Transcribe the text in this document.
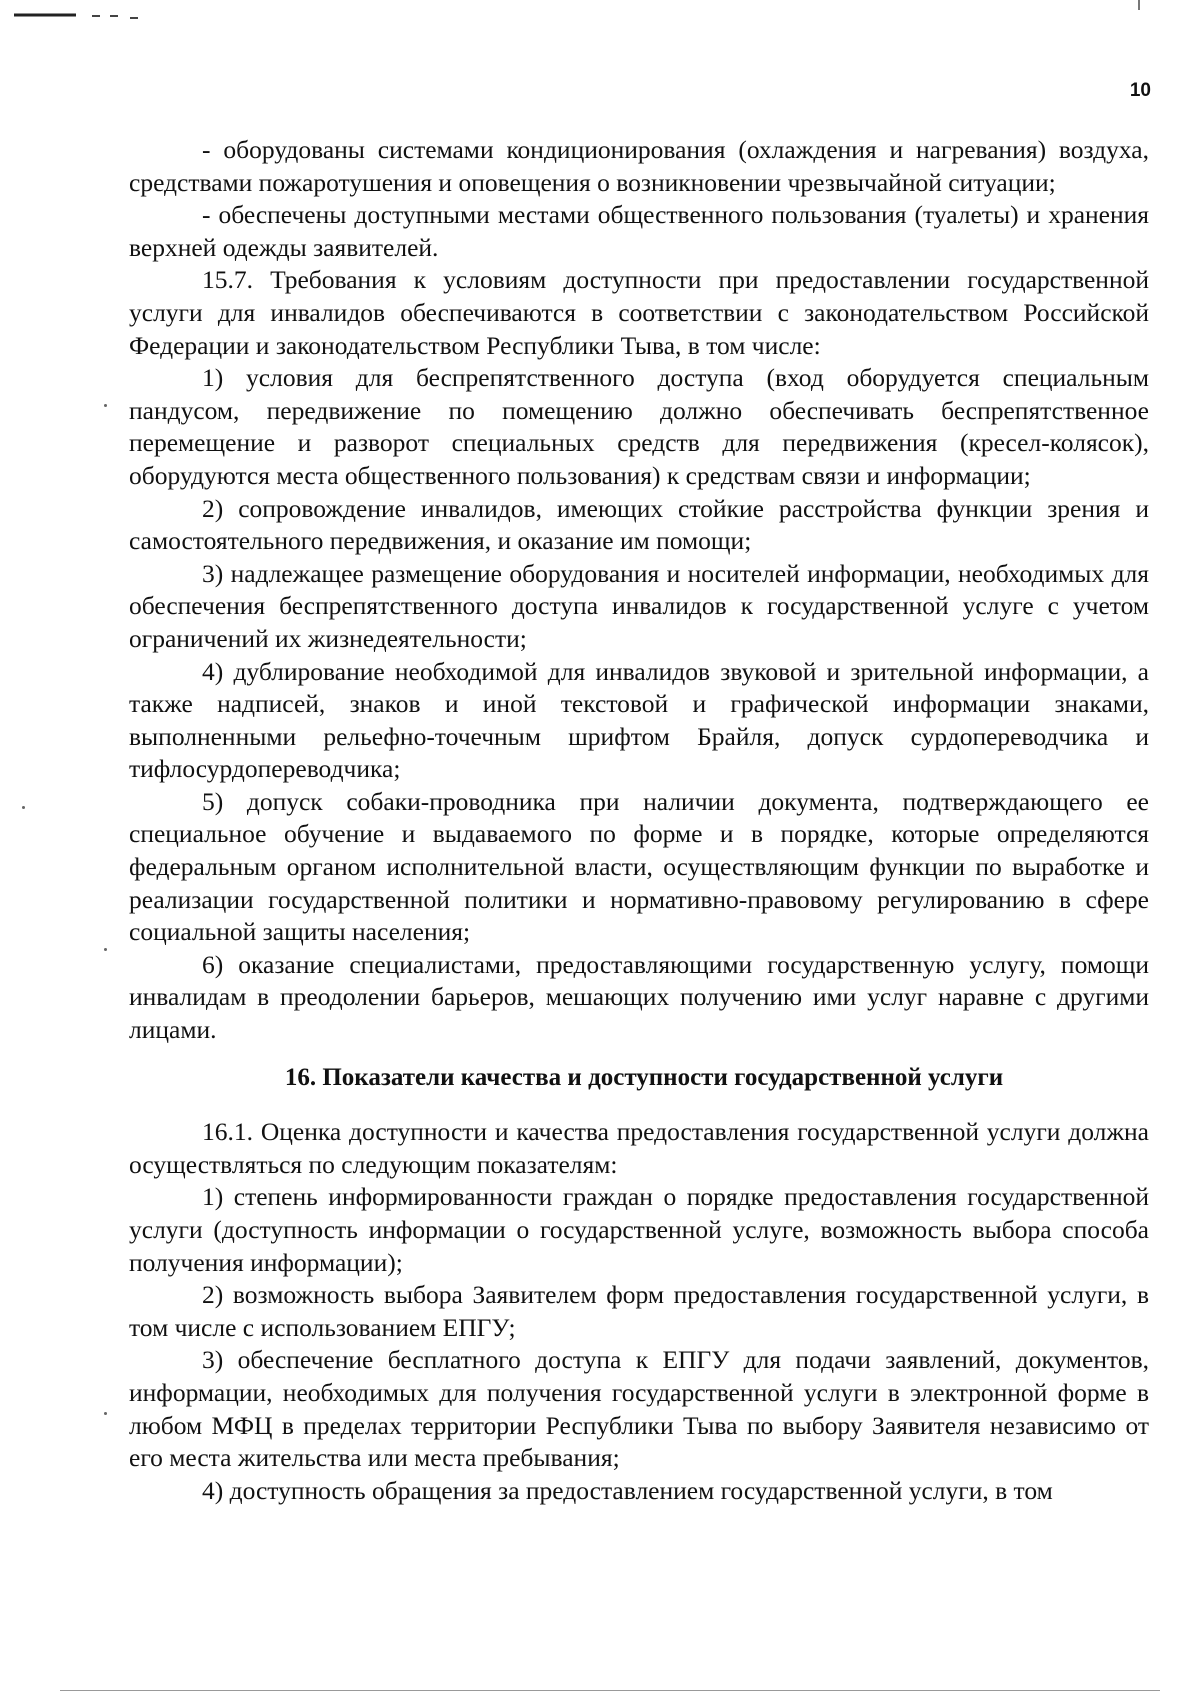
10

- оборудованы системами кондиционирования (охлаждения и нагревания) воздуха, средствами пожаротушения и оповещения о возникновении чрезвычайной ситуации;

- обеспечены доступными местами общественного пользования (туалеты) и хранения верхней одежды заявителей.

15.7. Требования к условиям доступности при предоставлении государственной услуги для инвалидов обеспечиваются в соответствии с законодательством Российской Федерации и законодательством Республики Тыва, в том числе:

1) условия для беспрепятственного доступа (вход оборудуется специальным пандусом, передвижение по помещению должно обеспечивать беспрепятственное перемещение и разворот специальных средств для передвижения (кресел-колясок), оборудуются места общественного пользования) к средствам связи и информации;

2) сопровождение инвалидов, имеющих стойкие расстройства функции зрения и самостоятельного передвижения, и оказание им помощи;

3) надлежащее размещение оборудования и носителей информации, необходимых для обеспечения беспрепятственного доступа инвалидов к государственной услуге с учетом ограничений их жизнедеятельности;

4) дублирование необходимой для инвалидов звуковой и зрительной информации, а также надписей, знаков и иной текстовой и графической информации знаками, выполненными рельефно-точечным шрифтом Брайля, допуск сурдопереводчика и тифлосурдопереводчика;

5) допуск собаки-проводника при наличии документа, подтверждающего ее специальное обучение и выдаваемого по форме и в порядке, которые определяются федеральным органом исполнительной власти, осуществляющим функции по выработке и реализации государственной политики и нормативно-правовому регулированию в сфере социальной защиты населения;

6) оказание специалистами, предоставляющими государственную услугу, помощи инвалидам в преодолении барьеров, мешающих получению ими услуг наравне с другими лицами.

16. Показатели качества и доступности государственной услуги

16.1. Оценка доступности и качества предоставления государственной услуги должна осуществляться по следующим показателям:

1) степень информированности граждан о порядке предоставления государственной услуги (доступность информации о государственной услуге, возможность выбора способа получения информации);

2) возможность выбора Заявителем форм предоставления государственной услуги, в том числе с использованием ЕПГУ;

3) обеспечение бесплатного доступа к ЕПГУ для подачи заявлений, документов, информации, необходимых для получения государственной услуги в электронной форме в любом МФЦ в пределах территории Республики Тыва по выбору Заявителя независимо от его места жительства или места пребывания;

4) доступность обращения за предоставлением государственной услуги, в том
